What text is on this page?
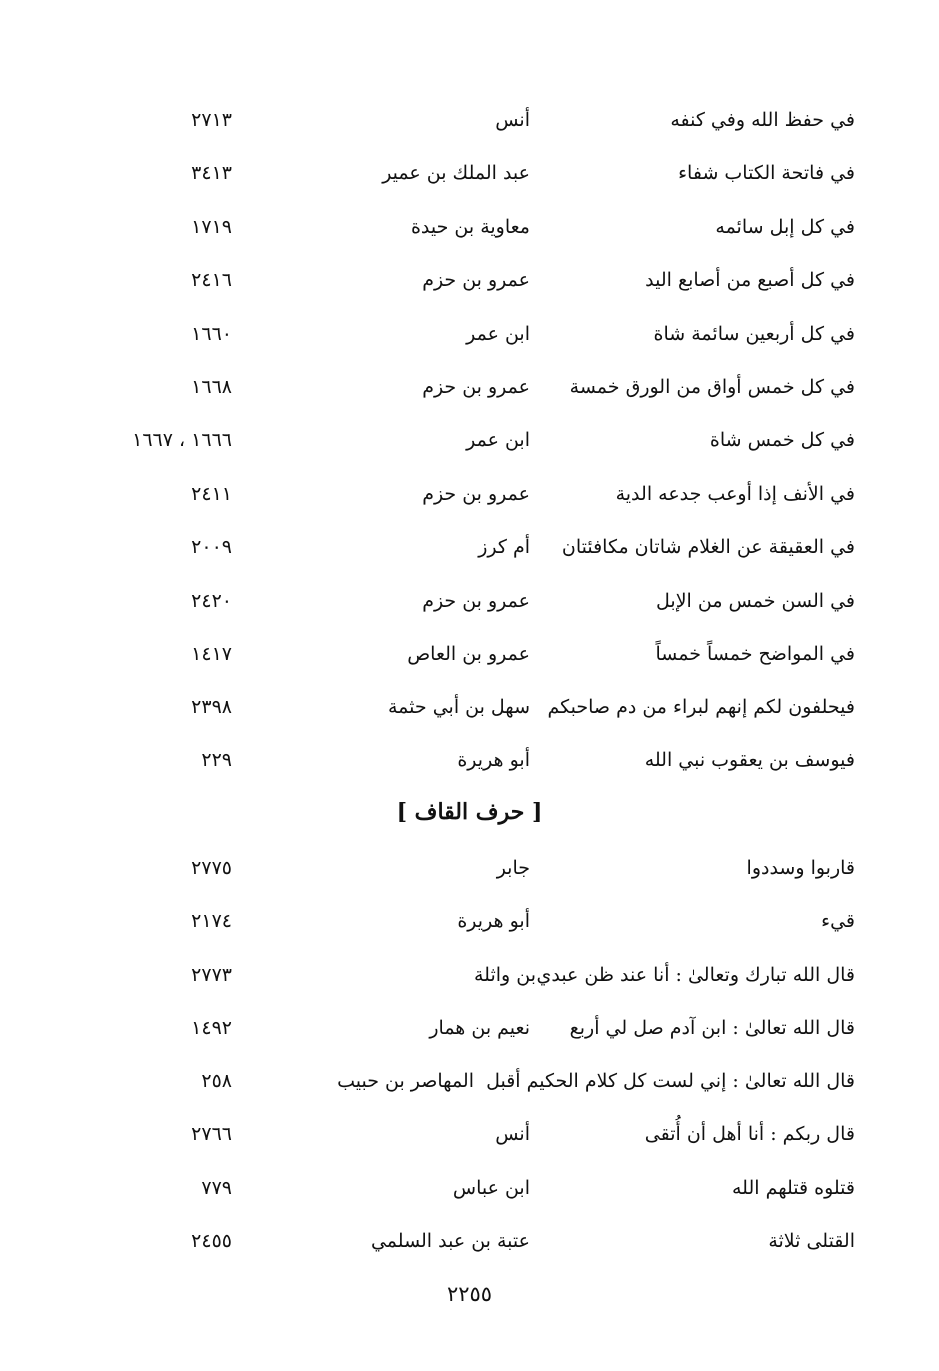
في حفظ الله وفي كنفه
أنس
٢٧١٣
في فاتحة الكتاب شفاء
عبد الملك بن عمير
٣٤١٣
في كل إبل سائمه
معاوية بن حيدة
١٧١٩
في كل أصبع من أصابع اليد
عمرو بن حزم
٢٤١٦
في كل أربعين سائمة شاة
ابن عمر
١٦٦٠
في كل خمس أواق من الورق خمسة
عمرو بن حزم
١٦٦٨
في كل خمس شاة
ابن عمر
١٦٦٦ ، ١٦٦٧
في الأنف إذا أوعب جدعه الدية
عمرو بن حزم
٢٤١١
في العقيقة عن الغلام شاتان مكافئتان
أم كرز
٢٠٠٩
في السن خمس من الإبل
عمرو بن حزم
٢٤٢٠
في المواضح خمساً خمساً
عمرو بن العاص
١٤١٧
فيحلفون لكم إنهم لبراء من دم صاحبكم
سهل بن أبي حثمة
٢٣٩٨
فيوسف بن يعقوب نبي الله
أبو هريرة
٢٢٩
[ حرف القاف ]
قاربوا وسددوا
جابر
٢٧٧٥
قيء
أبو هريرة
٢١٧٤
قال الله تبارك وتعالىٰ : أنا عند ظن عبدي
بن واثلة
٢٧٧٣
قال الله تعالىٰ : ابن آدم صل لي أربع
نعيم بن همار
١٤٩٢
قال الله تعالىٰ : إني لست كل كلام الحكيم أقبل
المهاصر بن حبيب
٢٥٨
قال ربكم : أنا أهل أن أُتقى
أنس
٢٧٦٦
قتلوه قتلهم الله
ابن عباس
٧٧٩
القتلى ثلاثة
عتبة بن عبد السلمي
٢٤٥٥
٢٢٥٥
